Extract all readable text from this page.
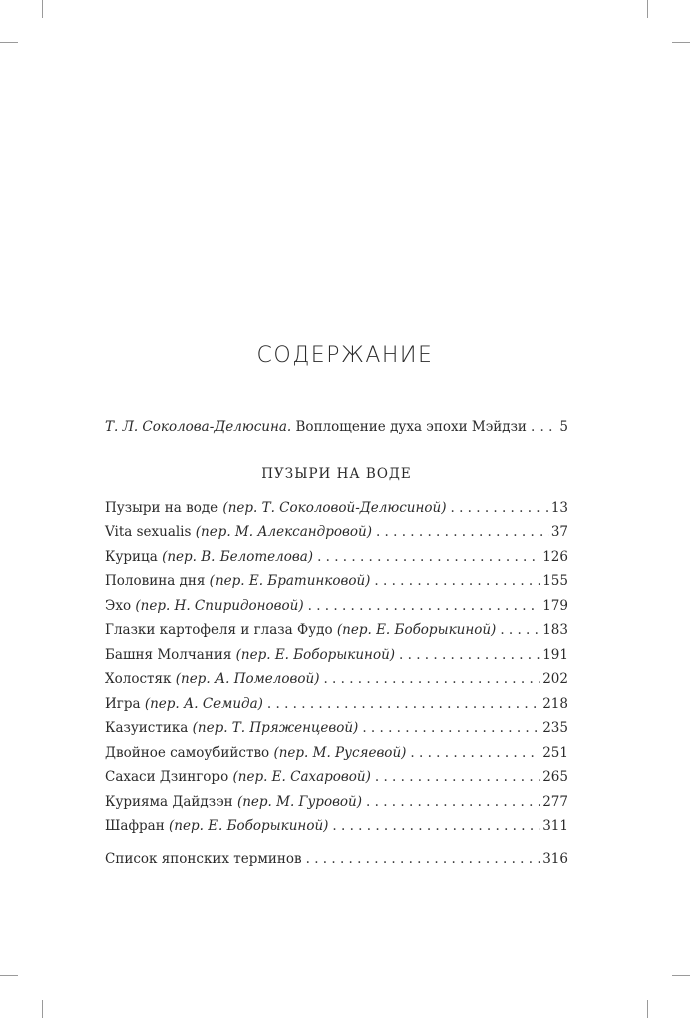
СОДЕРЖАНИЕ
Т. Л. Соколова-Делюсина. Воплощение духа эпохи Мэйдзи . . . 5
ПУЗЫРИ НА ВОДЕ
Пузыри на воде (пер. Т. Соколовой-Делюсиной) . . .	13
Vita sexualis (пер. М. Александровой) . . .	37
Курица (пер. В. Белотелова) . . .	126
Половина дня (пер. Е. Братинковой) . . .	155
Эхо (пер. Н. Спиридоновой) . . .	179
Глазки картофеля и глаза Фудо (пер. Е. Боборыкиной) . . .	183
Башня Молчания (пер. Е. Боборыкиной) . . .	191
Холостяк (пер. А. Помеловой) . . .	202
Игра (пер. А. Семида) . . .	218
Казуистика (пер. Т. Пряженцевой) . . .	235
Двойное самоубийство (пер. М. Русяевой) . . .	251
Сахаси Дзингоро (пер. Е. Сахаровой) . . .	265
Курияма Дайдзэн (пер. М. Гуровой) . . .	277
Шафран (пер. Е. Боборыкиной) . . .	311
Список японских терминов . . .	316
